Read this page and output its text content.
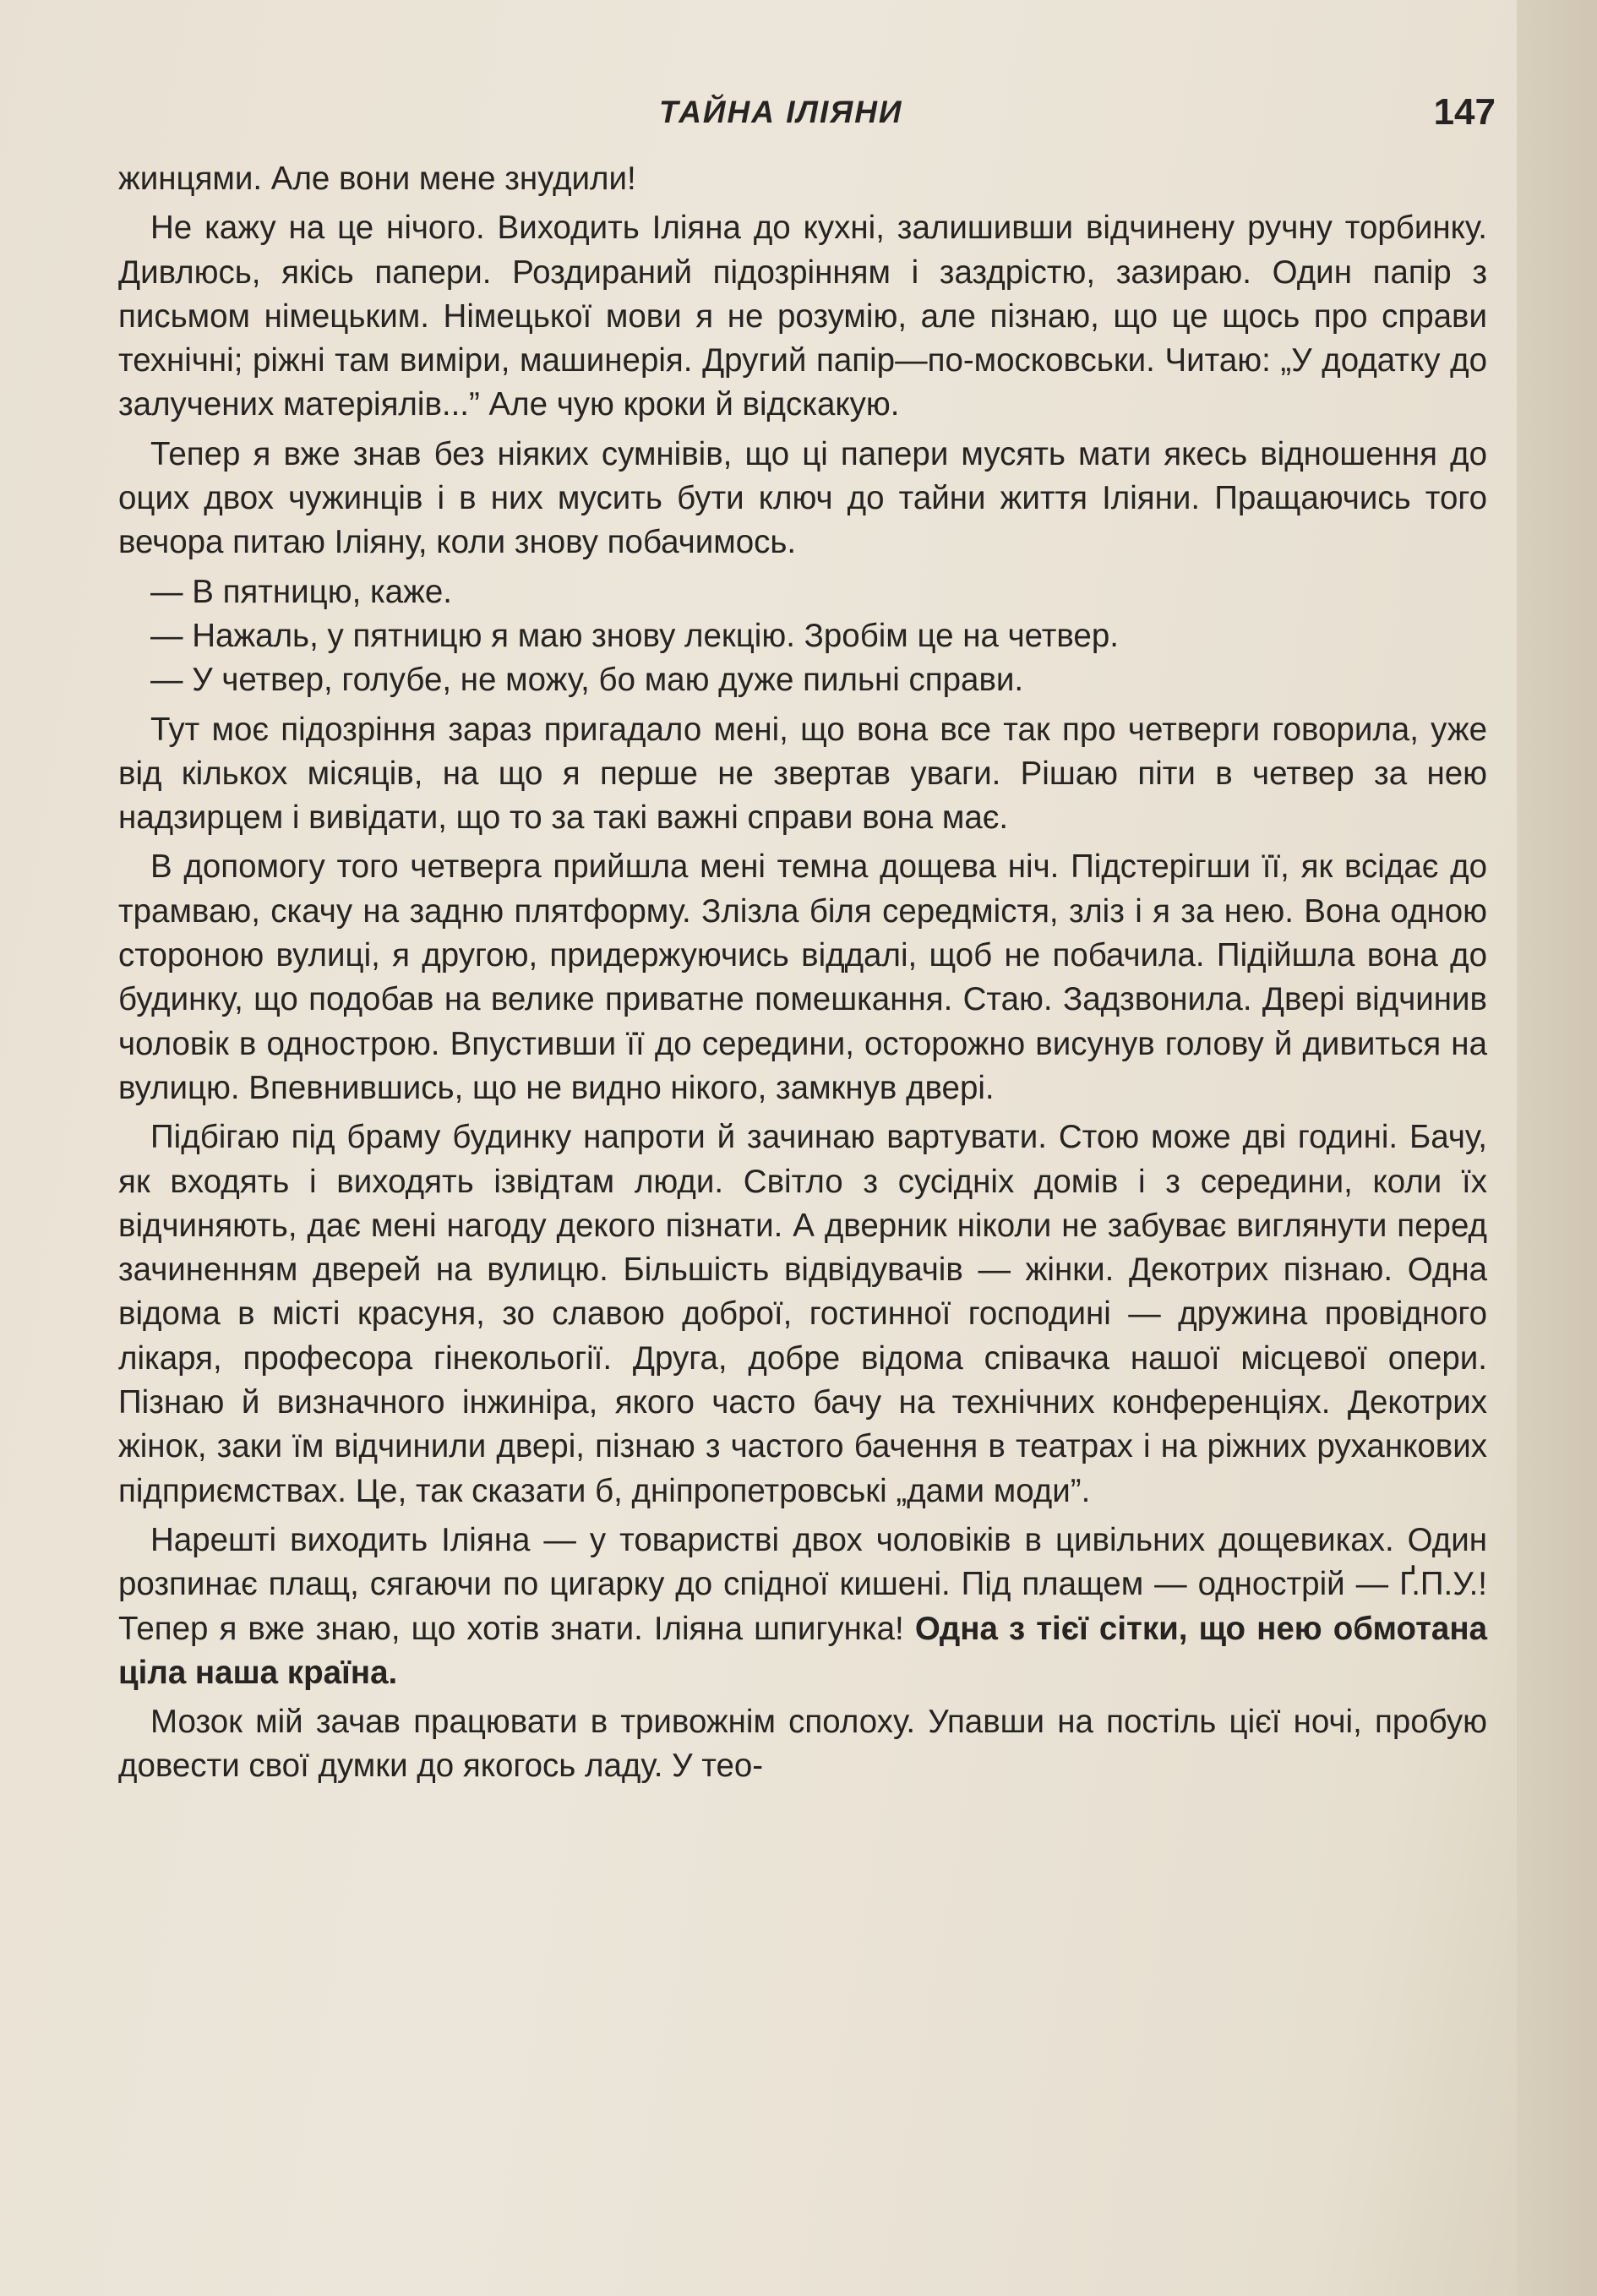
ТАЙНА ІЛІЯНИ	147

жинцями. Але вони мене знудили!

Не кажу на це нічого. Виходить Іліяна до кухні, залишивши відчинену ручну торбинку. Дивлюсь, якісь папери. Роздираний підозрінням і заздрістю, зазираю. Один папір з письмом німецьким. Німецької мови я не розумію, але пізнаю, що це щось про справи технічні; ріжні там виміри, машинерія. Другий папір—по-московськи. Читаю: „У додатку до залучених матеріялів...” Але чую кроки й відскакую.

Тепер я вже знав без ніяких сумнівів, що ці папери мусять мати якесь відношення до оцих двох чужинців і в них мусить бути ключ до тайни життя Іліяни. Пращаючись того вечора питаю Іліяну, коли знову побачимось.

— В пятницю, каже.

— Нажаль, у пятницю я маю знову лекцію. Зробім це на четвер.

— У четвер, голубе, не можу, бо маю дуже пильні справи.

Тут моє підозріння зараз пригадало мені, що вона все так про четверги говорила, уже від кількох місяців, на що я перше не звертав уваги. Рішаю піти в четвер за нею надзирцем і вивідати, що то за такі важні справи вона має.

В допомогу того четверга прийшла мені темна дощева ніч. Підстерігши її, як всідає до трамваю, скачу на задню плятформу. Злізла біля середмістя, зліз і я за нею. Вона одною стороною вулиці, я другою, придержуючись віддалі, щоб не побачила. Підійшла вона до будинку, що подобав на велике приватне помешкання. Стаю. Задзвонила. Двері відчинив чоловік в однострою. Впустивши її до середини, осторожно висунув голову й дивиться на вулицю. Впевнившись, що не видно нікого, замкнув двері.

Підбігаю під браму будинку напроти й зачинаю вартувати. Стою може дві годині. Бачу, як входять і виходять ізвідтам люди. Світло з сусідніх домів і з середини, коли їх відчиняють, дає мені нагоду декого пізнати. А дверник ніколи не забуває виглянути перед зачиненням дверей на вулицю. Більшість відвідувачів — жінки. Декотрих пізнаю. Одна відома в місті красуня, зо славою доброї, гостинної господині — дружина провідного лікаря, професора гінекольогії. Друга, добре відома співачка нашої місцевої опери. Пізнаю й визначного інжиніра, якого часто бачу на технічних конференціях. Декотрих жінок, заки їм відчинили двері, пізнаю з частого бачення в театрах і на ріжних руханкових підприємствах. Це, так сказати б, дніпропетровські „дами моди”.

Нарешті виходить Іліяна — у товаристві двох чоловіків в цивільних дощевиках. Один розпинає плащ, сягаючи по цигарку до спідної кишені. Під плащем — однострій — Ґ.П.У.! Тепер я вже знаю, що хотів знати. Іліяна шпигунка! Одна з тієї сітки, що нею обмотана ціла наша країна.

Мозок мій зачав працювати в тривожнім сполоху. Упавши на постіль цієї ночі, пробую довести свої думки до якогось ладу. У тео-
